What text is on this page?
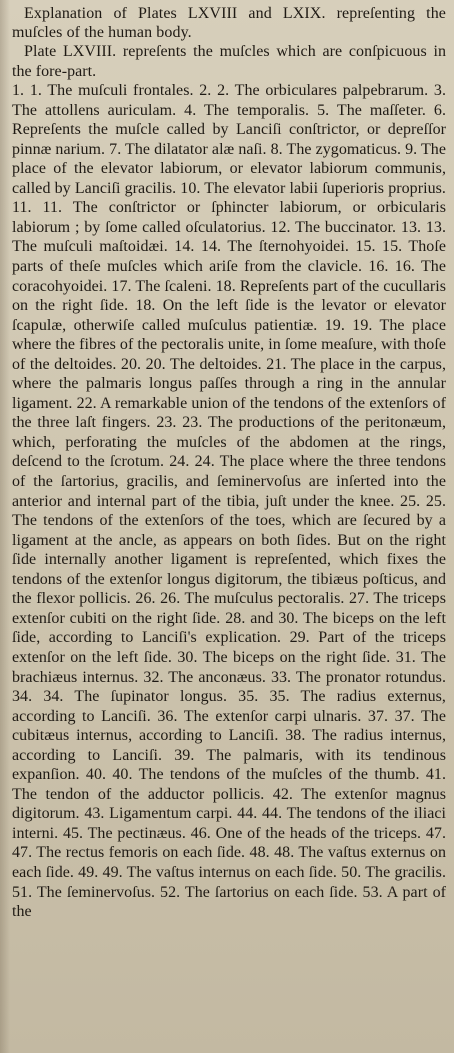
Explanation of Plates LXVIII and LXIX. repreſenting the muſcles of the human body.

Plate LXVIII. repreſents the muſcles which are conſpicuous in the fore-part.

1. 1. The muſculi frontales. 2. 2. The orbiculares palpebrarum. 3. The attollens auriculam. 4. The temporalis. 5. The maſſeter. 6. Repreſents the muſcle called by Lanciſi conſtrictor, or depreſſor pinnæ narium. 7. The dilatator alæ naſi. 8. The zygomaticus. 9. The place of the elevator labiorum, or elevator labiorum communis, called by Lanciſi gracilis. 10. The elevator labii ſuperioris proprius. 11. 11. The conſtrictor or ſphincter labiorum, or orbicularis labiorum ; by ſome called oſculatorius. 12. The buccinator. 13. 13. The muſculi maſtoidæi. 14. 14. The ſternohyoidei. 15. 15. Thoſe parts of theſe muſcles which ariſe from the clavicle. 16. 16. The coracohyoidei. 17. The ſcaleni. 18. Repreſents part of the cucullaris on the right ſide. 18. On the left ſide is the levator or elevator ſcapulæ, otherwiſe called muſculus patientiæ. 19. 19. The place where the fibres of the pectoralis unite, in ſome meaſure, with thoſe of the deltoides. 20. 20. The deltoides. 21. The place in the carpus, where the palmaris longus paſſes through a ring in the annular ligament. 22. A remarkable union of the tendons of the extenſors of the three laſt fingers. 23. 23. The productions of the peritonæum, which, perforating the muſcles of the abdomen at the rings, deſcend to the ſcrotum. 24. 24. The place where the three tendons of the ſartorius, gracilis, and ſeminervoſus are inſerted into the anterior and internal part of the tibia, juſt under the knee. 25. 25. The tendons of the extenſors of the toes, which are ſecured by a ligament at the ancle, as appears on both ſides. But on the right ſide internally another ligament is repreſented, which fixes the tendons of the extenſor longus digitorum, the tibiæus poſticus, and the flexor pollicis. 26. 26. The muſculus pectoralis. 27. The triceps extenſor cubiti on the right ſide. 28. and 30. The biceps on the left ſide, according to Lanciſi's explication. 29. Part of the triceps extenſor on the left ſide. 30. The biceps on the right ſide. 31. The brachiæus internus. 32. The anconæus. 33. The pronator rotundus. 34. 34. The ſupinator longus. 35. 35. The radius externus, according to Lanciſi. 36. The extenſor carpi ulnaris. 37. 37. The cubitæus internus, according to Lanciſi. 38. The radius internus, according to Lanciſi. 39. The palmaris, with its tendinous expanſion. 40. 40. The tendons of the muſcles of the thumb. 41. The tendon of the adductor pollicis. 42. The extenſor magnus digitorum. 43. Ligamentum carpi. 44. 44. The tendons of the iliaci interni. 45. The pectinæus. 46. One of the heads of the triceps. 47. 47. The rectus femoris on each ſide. 48. 48. The vaſtus externus on each ſide. 49. 49. The vaſtus internus on each ſide. 50. The gracilis. 51. The ſeminervoſus. 52. The ſartorius on each ſide. 53. A part of the
